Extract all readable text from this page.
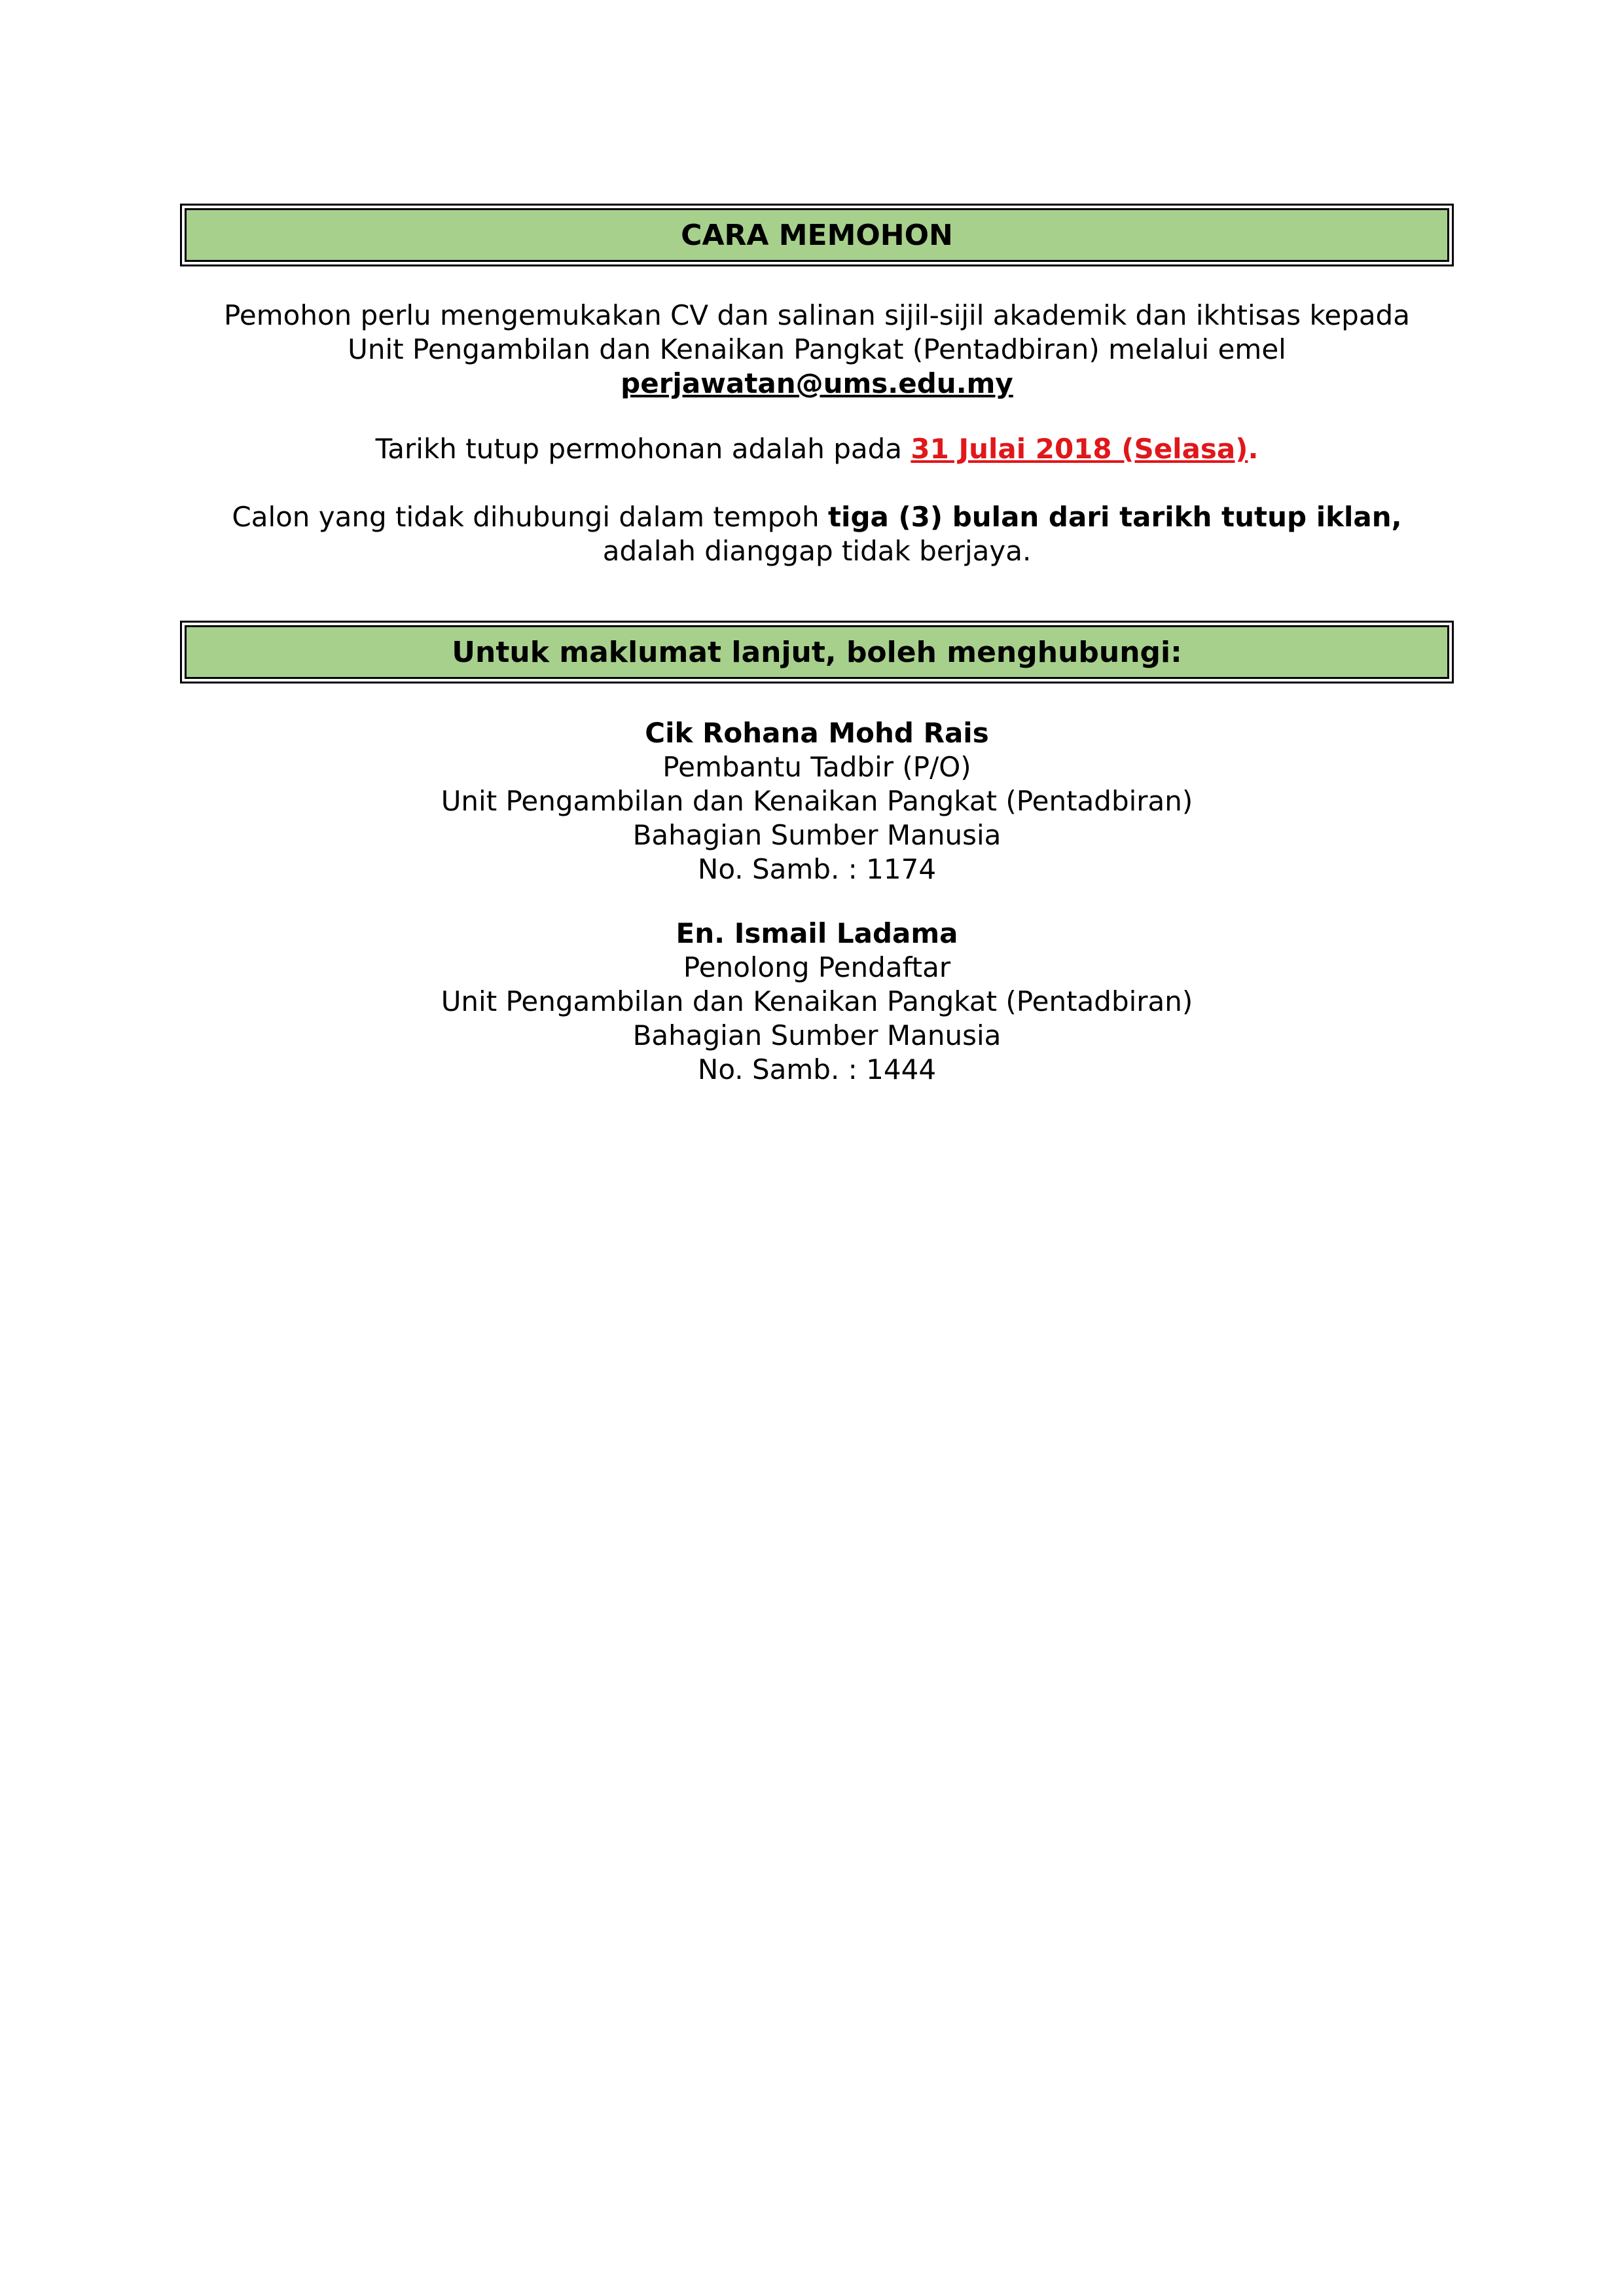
CARA MEMOHON
Pemohon perlu mengemukakan CV dan salinan sijil-sijil akademik dan ikhtisas kepada
Unit Pengambilan dan Kenaikan Pangkat (Pentadbiran) melalui emel
perjawatan@ums.edu.my
Tarikh tutup permohonan adalah pada 31 Julai 2018 (Selasa).
Calon yang tidak dihubungi dalam tempoh tiga (3) bulan dari tarikh tutup iklan,
adalah dianggap tidak berjaya.
Untuk maklumat lanjut, boleh menghubungi:
Cik Rohana Mohd Rais
Pembantu Tadbir (P/O)
Unit Pengambilan dan Kenaikan Pangkat (Pentadbiran)
Bahagian Sumber Manusia
No. Samb. : 1174
En. Ismail Ladama
Penolong Pendaftar
Unit Pengambilan dan Kenaikan Pangkat (Pentadbiran)
Bahagian Sumber Manusia
No. Samb. : 1444
